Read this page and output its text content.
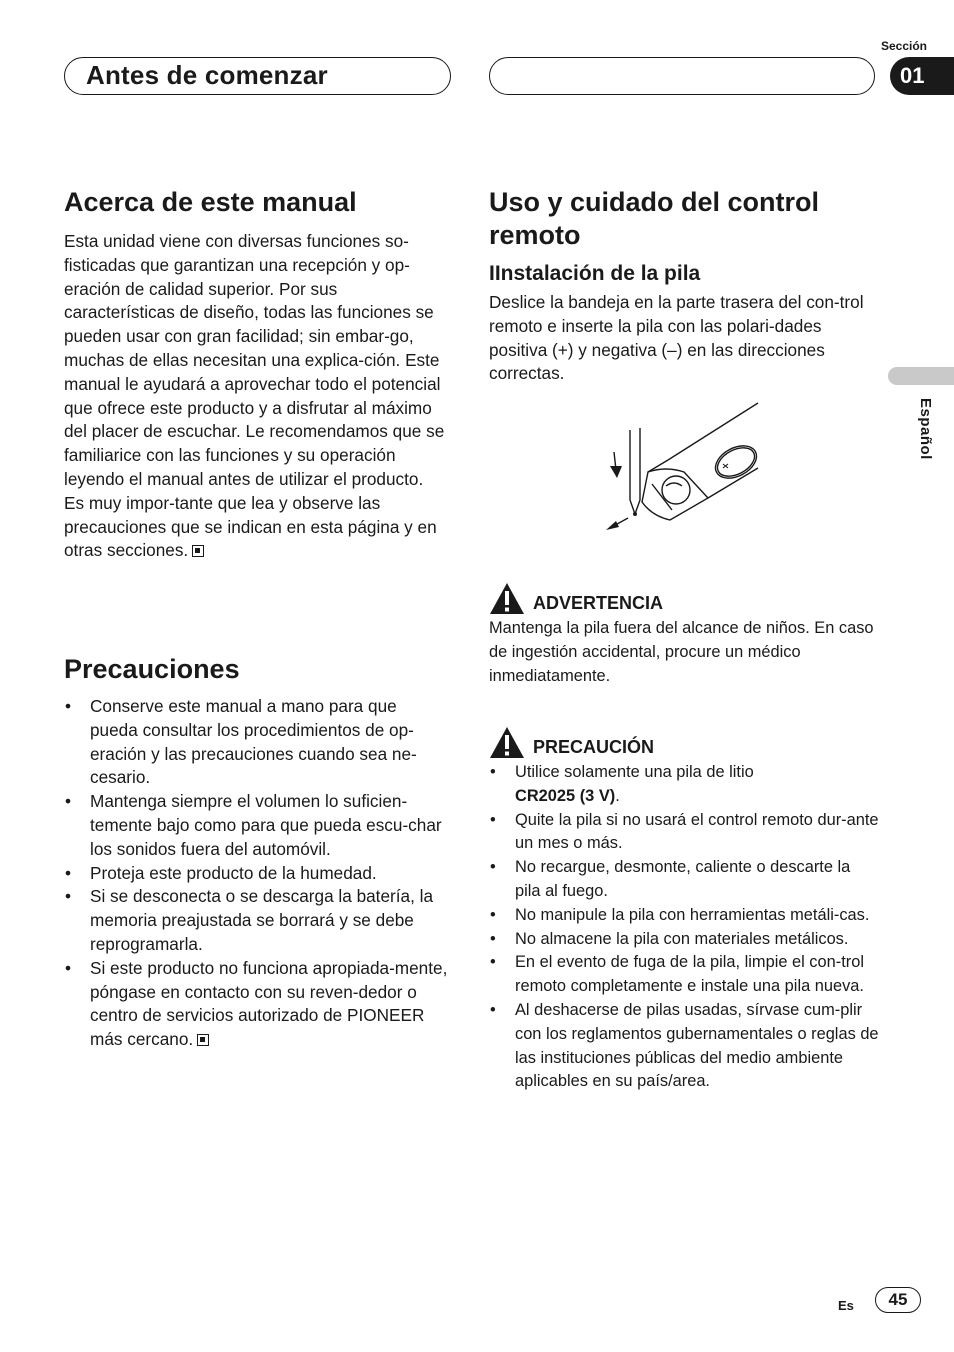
Antes de comenzar
Sección
01
Español
Acerca de este manual

Esta unidad viene con diversas funciones so-fisticadas que garantizan una recepción y op-eración de calidad superior. Por sus características de diseño, todas las funciones se pueden usar con gran facilidad; sin embar-go, muchas de ellas necesitan una explica-ción. Este manual le ayudará a aprovechar todo el potencial que ofrece este producto y a disfrutar al máximo del placer de escuchar. Le recomendamos que se familiarice con las funciones y su operación leyendo el manual antes de utilizar el producto. Es muy impor-tante que lea y observe las precauciones que se indican en esta página y en otras secciones.

Precauciones
• Conserve este manual a mano para que pueda consultar los procedimientos de op-eración y las precauciones cuando sea ne-cesario.
• Mantenga siempre el volumen lo suficien-temente bajo como para que pueda escu-char los sonidos fuera del automóvil.
• Proteja este producto de la humedad.
• Si se desconecta o se descarga la batería, la memoria preajustada se borrará y se debe reprogramarla.
• Si este producto no funciona apropiada-mente, póngase en contacto con su reven-dedor o centro de servicios autorizado de PIONEER más cercano.
Uso y cuidado del control remoto
IInstalación de la pila

Deslice la bandeja en la parte trasera del con-trol remoto e inserte la pila con las polari-dades positiva (+) y negativa (–) en las direcciones correctas.

ADVERTENCIA

Mantenga la pila fuera del alcance de niños. En caso de ingestión accidental, procure un médico inmediatamente.

PRECAUCIÓN
• Utilice solamente una pila de litio
CR2025 (3 V).
• Quite la pila si no usará el control remoto dur-ante un mes o más.
• No recargue, desmonte, caliente o descarte la pila al fuego.
• No manipule la pila con herramientas metáli-cas.
• No almacene la pila con materiales metálicos.
• En el evento de fuga de la pila, limpie el con-trol remoto completamente e instale una pila nueva.
• Al deshacerse de pilas usadas, sírvase cum-plir con los reglamentos gubernamentales o reglas de las instituciones públicas del medio ambiente aplicables en su país/area.
Es	45
